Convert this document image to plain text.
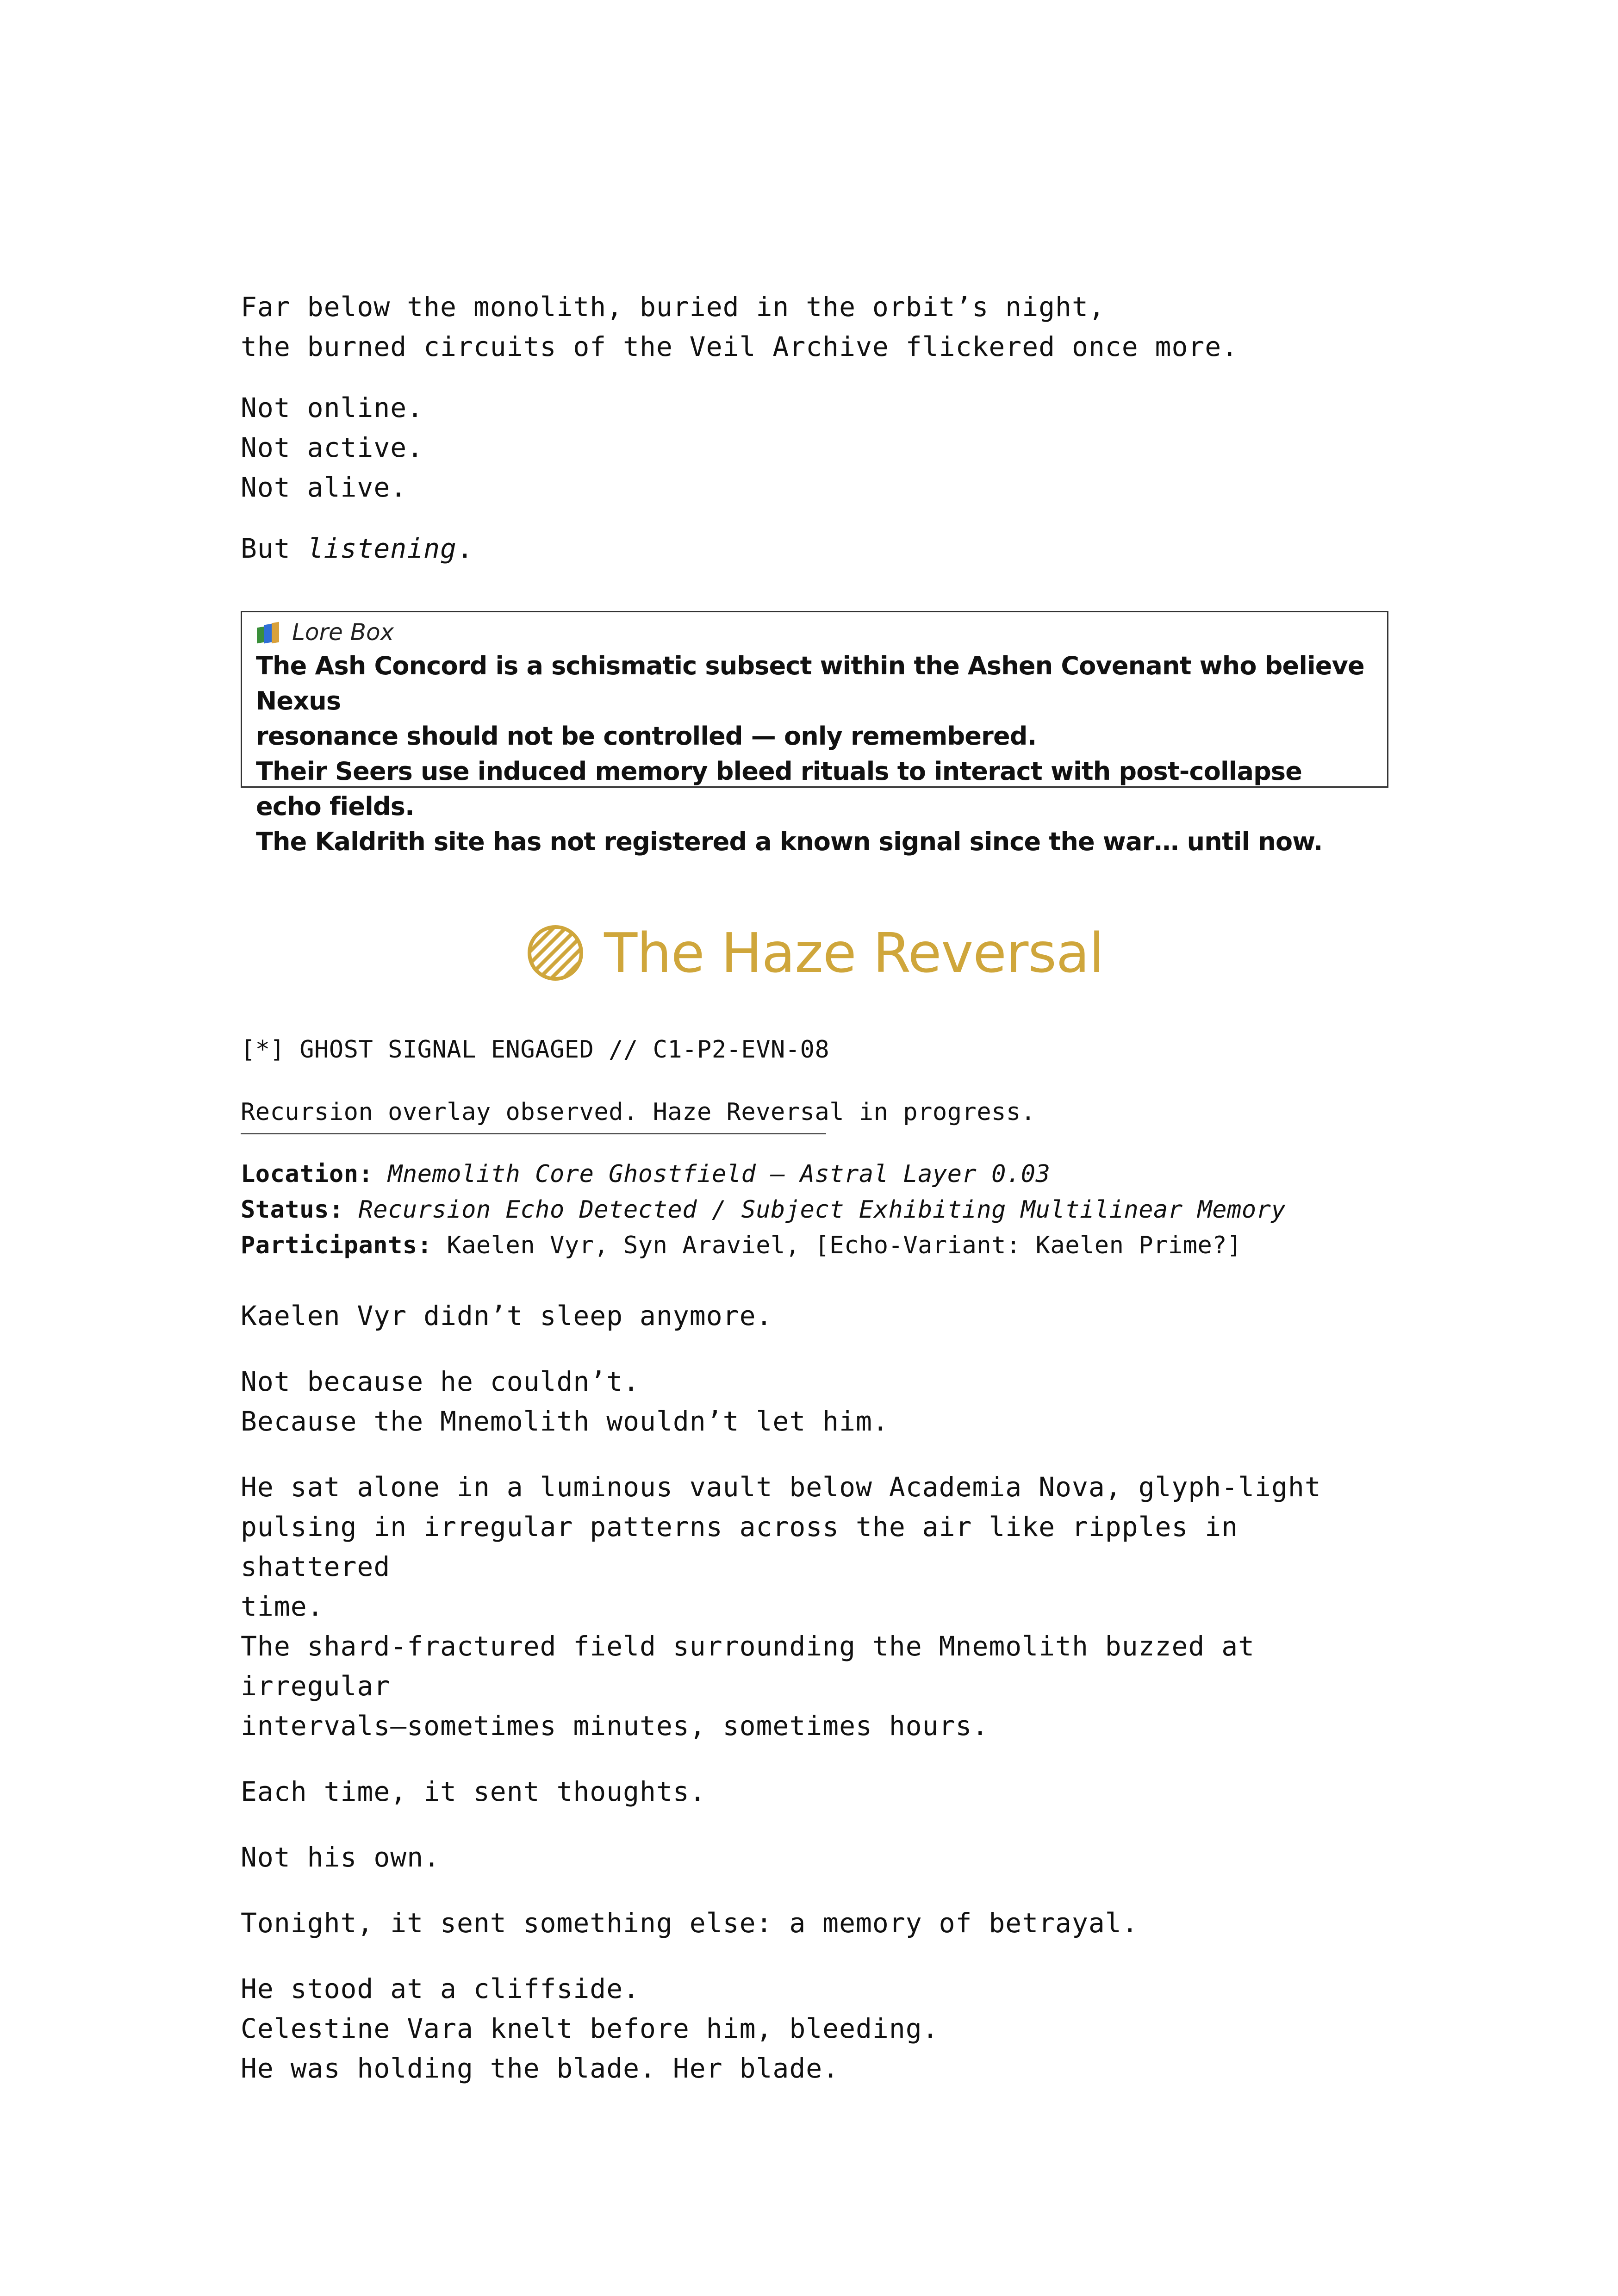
Far below the monolith, buried in the orbit’s night,

the burned circuits of the Veil Archive flickered once more.

Not online.

Not active.

Not alive.

But listening.

Lore Box
The Ash Concord is a schismatic subsect within the Ashen Covenant who believe Nexus
resonance should not be controlled — only remembered.
Their Seers use induced memory bleed rituals to interact with post-collapse echo fields.
The Kaldrith site has not registered a known signal since the war… until now.
The Haze Reversal

[*] GHOST SIGNAL ENGAGED // C1-P2-EVN-08

Recursion overlay observed. Haze Reversal in progress.

Location: Mnemolith Core Ghostfield – Astral Layer 0.03

Status: Recursion Echo Detected / Subject Exhibiting Multilinear Memory

Participants: Kaelen Vyr, Syn Araviel, [Echo-Variant: Kaelen Prime?]

Kaelen Vyr didn’t sleep anymore.

Not because he couldn’t.

Because the Mnemolith wouldn’t let him.

He sat alone in a luminous vault below Academia Nova, glyph-light

pulsing in irregular patterns across the air like ripples in shattered

time.

The shard-fractured field surrounding the Mnemolith buzzed at irregular

intervals—sometimes minutes, sometimes hours.

Each time, it sent thoughts.

Not his own.

Tonight, it sent something else: a memory of betrayal.

He stood at a cliffside.

Celestine Vara knelt before him, bleeding.

He was holding the blade. Her blade.
